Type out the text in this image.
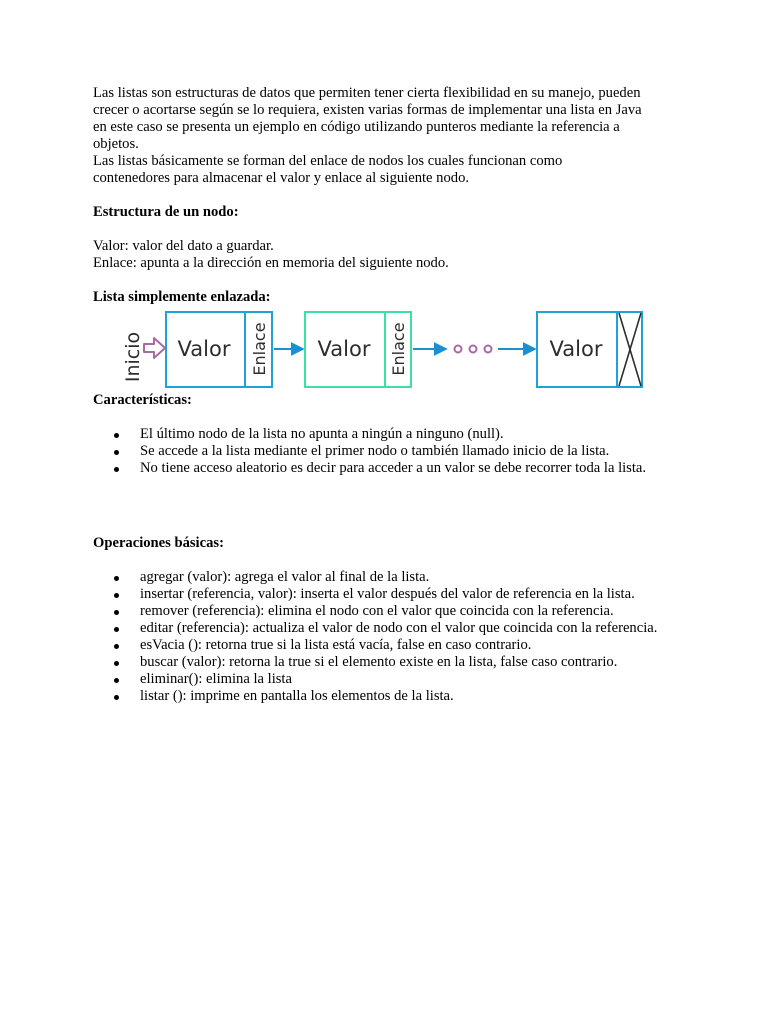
Las listas son estructuras de datos que permiten tener cierta flexibilidad en su manejo, pueden
crecer o acortarse según se lo requiera, existen varias formas de implementar una lista en Java
en este caso se presenta un ejemplo en código utilizando punteros mediante la referencia a
objetos.
Las listas básicamente se forman del enlace de nodos los cuales funcionan como
contenedores para almacenar el valor y enlace al siguiente nodo.

Estructura de un nodo:

Valor: valor del dato a guardar.

Enlace: apunta a la dirección en memoria del siguiente nodo.

Lista simplemente enlazada:

Inicio Valor Enlace Valor Enlace	Valor

Características:

El último nodo de la lista no apunta a ningún a ninguno (null).
Se accede a la lista mediante el primer nodo o también llamado inicio de la lista.
No tiene acceso aleatorio es decir para acceder a un valor se debe recorrer toda la lista.

Operaciones básicas:

agregar (valor): agrega el valor al final de la lista.
insertar (referencia, valor): inserta el valor después del valor de referencia en la lista.
remover (referencia): elimina el nodo con el valor que coincida con la referencia.
editar (referencia): actualiza el valor de nodo con el valor que coincida con la referencia.
esVacia (): retorna true si la lista está vacía, false en caso contrario.
buscar (valor): retorna la true si el elemento existe en la lista, false caso contrario.
eliminar(): elimina la lista
listar (): imprime en pantalla los elementos de la lista.
